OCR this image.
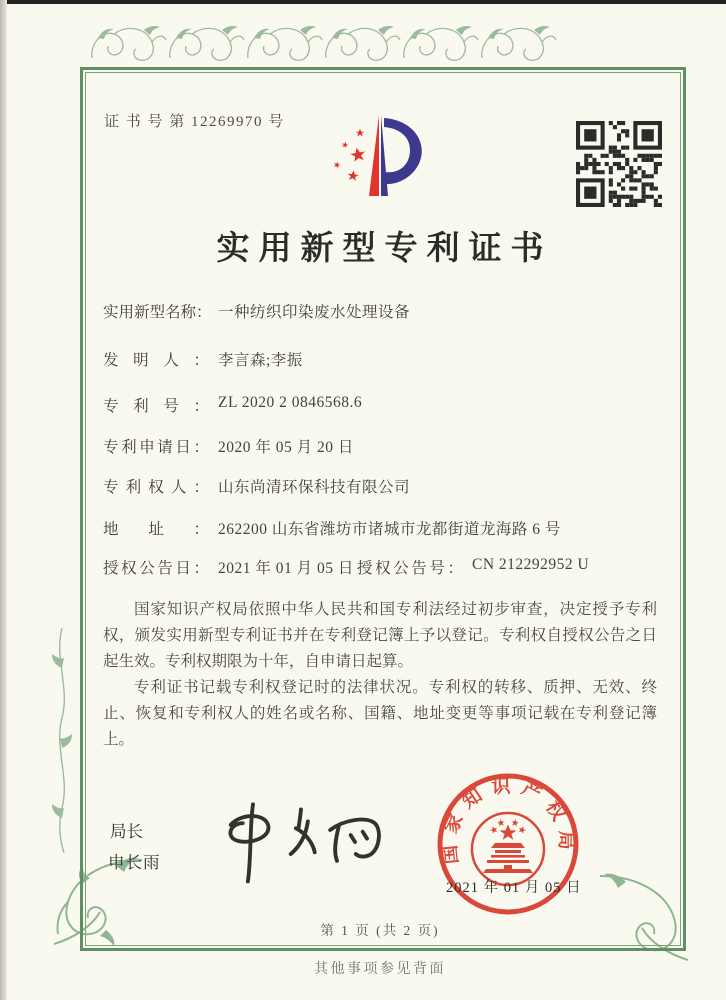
证 书 号 第 12269970 号
实用新型专利证书
实用新型名称： 一种纺织印染废水处理设备
发明人： 李言森;李振
专利号： ZL 2020 2 0846568.6
专利申请日： 2020 年 05 月 20 日
专利权人： 山东尚清环保科技有限公司
地址： 262200 山东省潍坊市诸城市龙都街道龙海路 6 号
授权公告日： 2021 年 01 月 05 日 授权公告号： CN 212292952 U

国家知识产权局依照中华人民共和国专利法经过初步审查，决定授予专利权，颁发实用新型专利证书并在专利登记簿上予以登记。专利权自授权公告之日起生效。专利权期限为十年，自申请日起算。

专利证书记载专利权登记时的法律状况。专利权的转移、质押、无效、终止、恢复和专利权人的姓名或名称、国籍、地址变更等事项记载在专利登记簿上。

局长
申长雨	国家知识产权局
2021 年 01 月 05 日
第 1 页 (共 2 页)
其他事项参见背面
